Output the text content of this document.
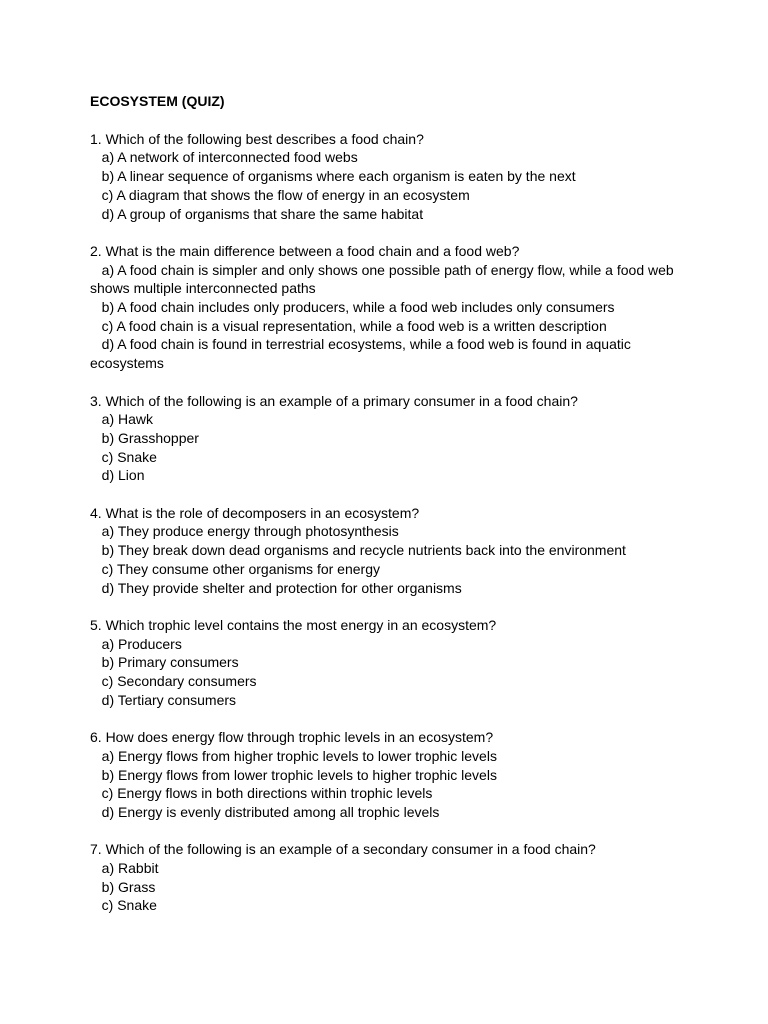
ECOSYSTEM (QUIZ)

1. Which of the following best describes a food chain?

a) A network of interconnected food webs

b) A linear sequence of organisms where each organism is eaten by the next

c) A diagram that shows the flow of energy in an ecosystem

d) A group of organisms that share the same habitat

2. What is the main difference between a food chain and a food web?

a) A food chain is simpler and only shows one possible path of energy flow, while a food web shows multiple interconnected paths

b) A food chain includes only producers, while a food web includes only consumers

c) A food chain is a visual representation, while a food web is a written description

d) A food chain is found in terrestrial ecosystems, while a food web is found in aquatic ecosystems

3. Which of the following is an example of a primary consumer in a food chain?

a) Hawk

b) Grasshopper

c) Snake

d) Lion

4. What is the role of decomposers in an ecosystem?

a) They produce energy through photosynthesis

b) They break down dead organisms and recycle nutrients back into the environment

c) They consume other organisms for energy

d) They provide shelter and protection for other organisms

5. Which trophic level contains the most energy in an ecosystem?

a) Producers

b) Primary consumers

c) Secondary consumers

d) Tertiary consumers

6. How does energy flow through trophic levels in an ecosystem?

a) Energy flows from higher trophic levels to lower trophic levels

b) Energy flows from lower trophic levels to higher trophic levels

c) Energy flows in both directions within trophic levels

d) Energy is evenly distributed among all trophic levels

7. Which of the following is an example of a secondary consumer in a food chain?

a) Rabbit

b) Grass

c) Snake
